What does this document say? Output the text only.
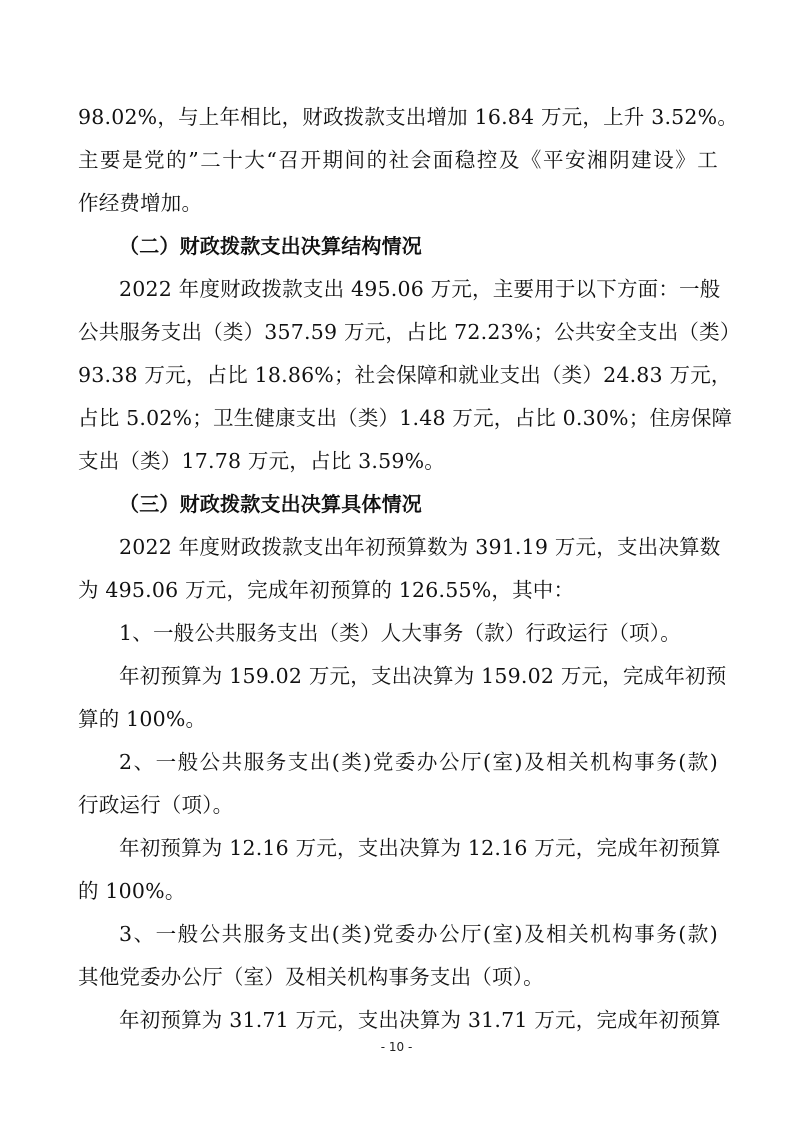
98.02%，与上年相比，财政拨款支出增加 16.84 万元，上升 3.52%。
主要是党的”二十大“召开期间的社会面稳控及《平安湘阴建设》工
作经费增加。
（二）财政拨款支出决算结构情况
2022 年度财政拨款支出 495.06 万元，主要用于以下方面：一般
公共服务支出（类）357.59 万元，占比 72.23%；公共安全支出（类）
93.38 万元，占比 18.86%；社会保障和就业支出（类）24.83 万元，
占比 5.02%；卫生健康支出（类）1.48 万元，占比 0.30%；住房保障
支出（类）17.78 万元，占比 3.59%。
（三）财政拨款支出决算具体情况
2022 年度财政拨款支出年初预算数为 391.19 万元，支出决算数
为 495.06 万元，完成年初预算的 126.55%，其中：
1、一般公共服务支出（类）人大事务（款）行政运行（项）。
年初预算为 159.02 万元，支出决算为 159.02 万元，完成年初预
算的 100%。
2、一般公共服务支出(类)党委办公厅(室)及相关机构事务(款)
行政运行（项）。
年初预算为 12.16 万元，支出决算为 12.16 万元，完成年初预算
的 100%。
3、一般公共服务支出(类)党委办公厅(室)及相关机构事务(款)
其他党委办公厅（室）及相关机构事务支出（项）。
年初预算为 31.71 万元，支出决算为 31.71 万元，完成年初预算
- 10 -
